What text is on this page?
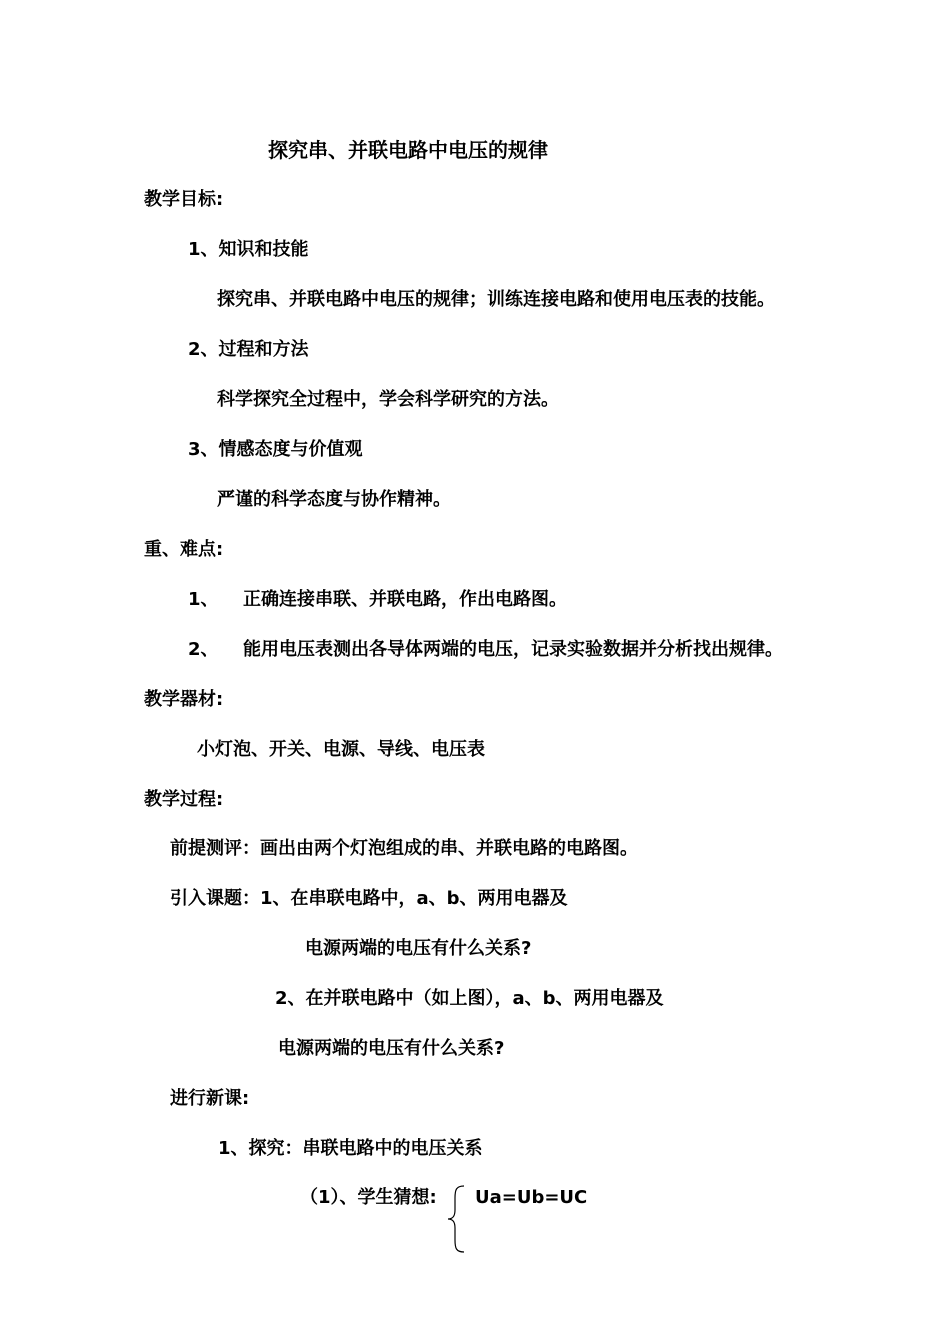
探究串、并联电路中电压的规律
教学目标:
1、知识和技能
探究串、并联电路中电压的规律；训练连接电路和使用电压表的技能。
2、过程和方法
科学探究全过程中，学会科学研究的方法。
3、情感态度与价值观
严谨的科学态度与协作精神。
重、难点:
1、 正确连接串联、并联电路，作出电路图。
2、 能用电压表测出各导体两端的电压，记录实验数据并分析找出规律。
教学器材:
小灯泡、开关、电源、导线、电压表
教学过程:
前提测评：画出由两个灯泡组成的串、并联电路的电路图。
引入课题：1、在串联电路中，a、b、两用电器及
电源两端的电压有什么关系?
2、在并联电路中（如上图），a、b、两用电器及
电源两端的电压有什么关系?
进行新课:
1、探究：串联电路中的电压关系
（1）、学生猜想: Ua=Ub=UC
